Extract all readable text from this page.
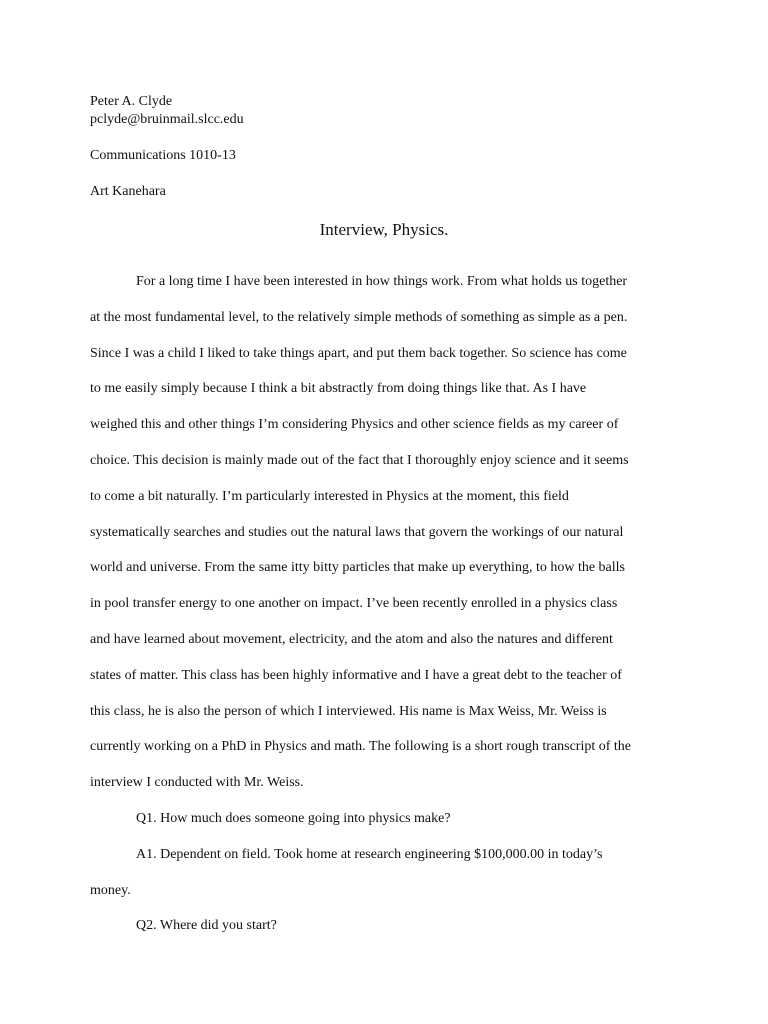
Peter A. Clyde
pclyde@bruinmail.slcc.edu
Communications 1010-13
Art Kanehara
Interview, Physics.
For a long time I have been interested in how things work. From what holds us together
at the most fundamental level, to the relatively simple methods of something as simple as a pen.
Since I was a child I liked to take things apart, and put them back together. So science has come
to me easily simply because I think a bit abstractly from doing things like that. As I have
weighed this and other things I’m considering Physics and other science fields as my career of
choice. This decision is mainly made out of the fact that I thoroughly enjoy science and it seems
to come a bit naturally. I’m particularly interested in Physics at the moment, this field
systematically searches and studies out the natural laws that govern the workings of our natural
world and universe. From the same itty bitty particles that make up everything, to how the balls
in pool transfer energy to one another on impact. I’ve been recently enrolled in a physics class
and have learned about movement, electricity, and the atom and also the natures and different
states of matter. This class has been highly informative and I have a great debt to the teacher of
this class, he is also the person of which I interviewed. His name is Max Weiss, Mr. Weiss is
currently working on a PhD in Physics and math. The following is a short rough transcript of the
interview I conducted with Mr. Weiss.
Q1. How much does someone going into physics make?
A1. Dependent on field. Took home at research engineering $100,000.00 in today’s
money.
Q2. Where did you start?
